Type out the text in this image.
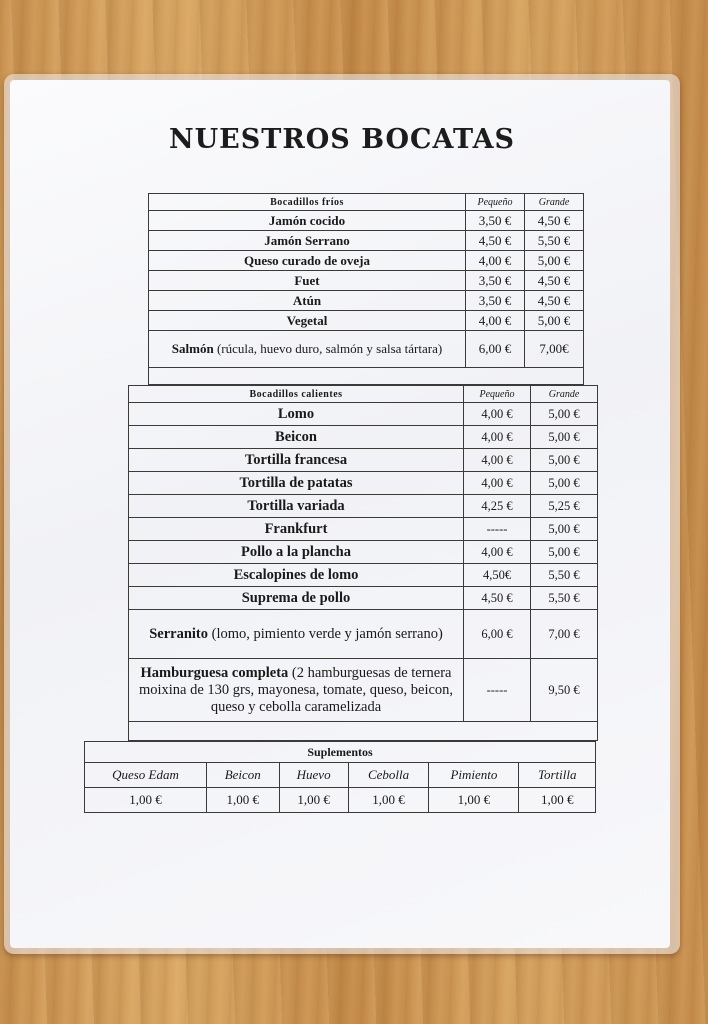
NUESTROS BOCATAS
Bocadillos fríos	Pequeño	Grande
Jamón cocido	3,50 €	4,50 €
Jamón Serrano	4,50 €	5,50 €
Queso curado de oveja	4,00 €	5,00 €
Fuet	3,50 €	4,50 €
Atún	3,50 €	4,50 €
Vegetal	4,00 €	5,00 €
Salmón (rúcula, huevo duro, salmón y salsa tártara)	6,00 €	7,00€

Bocadillos calientes	Pequeño	Grande
Lomo	4,00 €	5,00 €
Beicon	4,00 €	5,00 €
Tortilla francesa	4,00 €	5,00 €
Tortilla de patatas	4,00 €	5,00 €
Tortilla variada	4,25 €	5,25 €
Frankfurt	-----	5,00 €
Pollo a la plancha	4,00 €	5,00 €
Escalopines de lomo	4,50€	5,50 €
Suprema de pollo	4,50 €	5,50 €
Serranito (lomo, pimiento verde y jamón serrano)	6,00 €	7,00 €
Hamburguesa completa (2 hamburguesas de ternera moixina de 130 grs, mayonesa, tomate, queso, beicon, queso y cebolla caramelizada	-----	9,50 €

Suplementos					
Queso Edam	Beicon	Huevo	Cebolla	Pimiento	Tortilla
1,00 €	1,00 €	1,00 €	1,00 €	1,00 €	1,00 €
